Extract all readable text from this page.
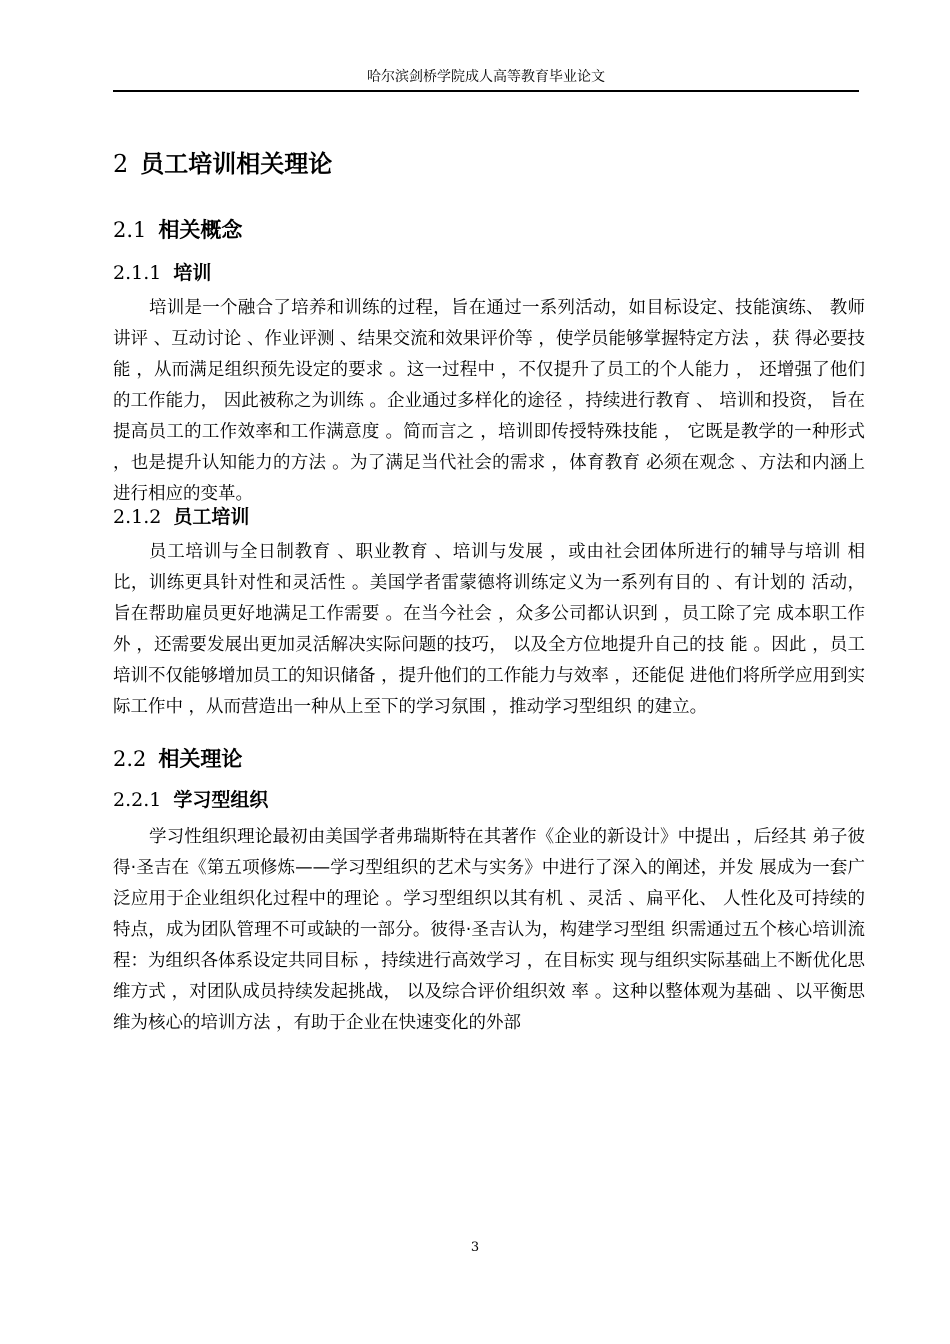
哈尔滨剑桥学院成人高等教育毕业论文
2 员工培训相关理论
2.1 相关概念
2.1.1 培训

培训是一个融合了培养和训练的过程，旨在通过一系列活动，如目标设定、技能演练、 教师讲评 、互动讨论 、作业评测 、结果交流和效果评价等 ，使学员能够掌握特定方法 ，获 得必要技能 ，从而满足组织预先设定的要求 。这一过程中 ，不仅提升了员工的个人能力 ， 还增强了他们的工作能力， 因此被称之为训练 。企业通过多样化的途径 ，持续进行教育 、 培训和投资， 旨在提高员工的工作效率和工作满意度 。简而言之 ，培训即传授特殊技能 ， 它既是教学的一种形式 ，也是提升认知能力的方法 。为了满足当代社会的需求 ，体育教育 必须在观念 、方法和内涵上进行相应的变革。

2.1.2 员工培训

员工培训与全日制教育 、职业教育 、培训与发展 ，或由社会团体所进行的辅导与培训 相比，训练更具针对性和灵活性 。美国学者雷蒙德将训练定义为一系列有目的 、有计划的 活动， 旨在帮助雇员更好地满足工作需要 。在当今社会 ，众多公司都认识到 ，员工除了完 成本职工作外 ，还需要发展出更加灵活解决实际问题的技巧， 以及全方位地提升自己的技 能 。因此 ，员工培训不仅能够增加员工的知识储备 ，提升他们的工作能力与效率 ，还能促 进他们将所学应用到实际工作中 ，从而营造出一种从上至下的学习氛围 ，推动学习型组织 的建立。

2.2 相关理论
2.2.1 学习型组织

学习性组织理论最初由美国学者弗瑞斯特在其著作《企业的新设计》中提出 ，后经其 弟子彼得·圣吉在《第五项修炼——学习型组织的艺术与实务》中进行了深入的阐述，并发 展成为一套广泛应用于企业组织化过程中的理论 。学习型组织以其有机 、灵活 、扁平化、 人性化及可持续的特点，成为团队管理不可或缺的一部分。彼得·圣吉认为，构建学习型组 织需通过五个核心培训流程：为组织各体系设定共同目标 ，持续进行高效学习 ，在目标实 现与组织实际基础上不断优化思维方式 ，对团队成员持续发起挑战， 以及综合评价组织效 率 。这种以整体观为基础 、以平衡思维为核心的培训方法 ，有助于企业在快速变化的外部

3
